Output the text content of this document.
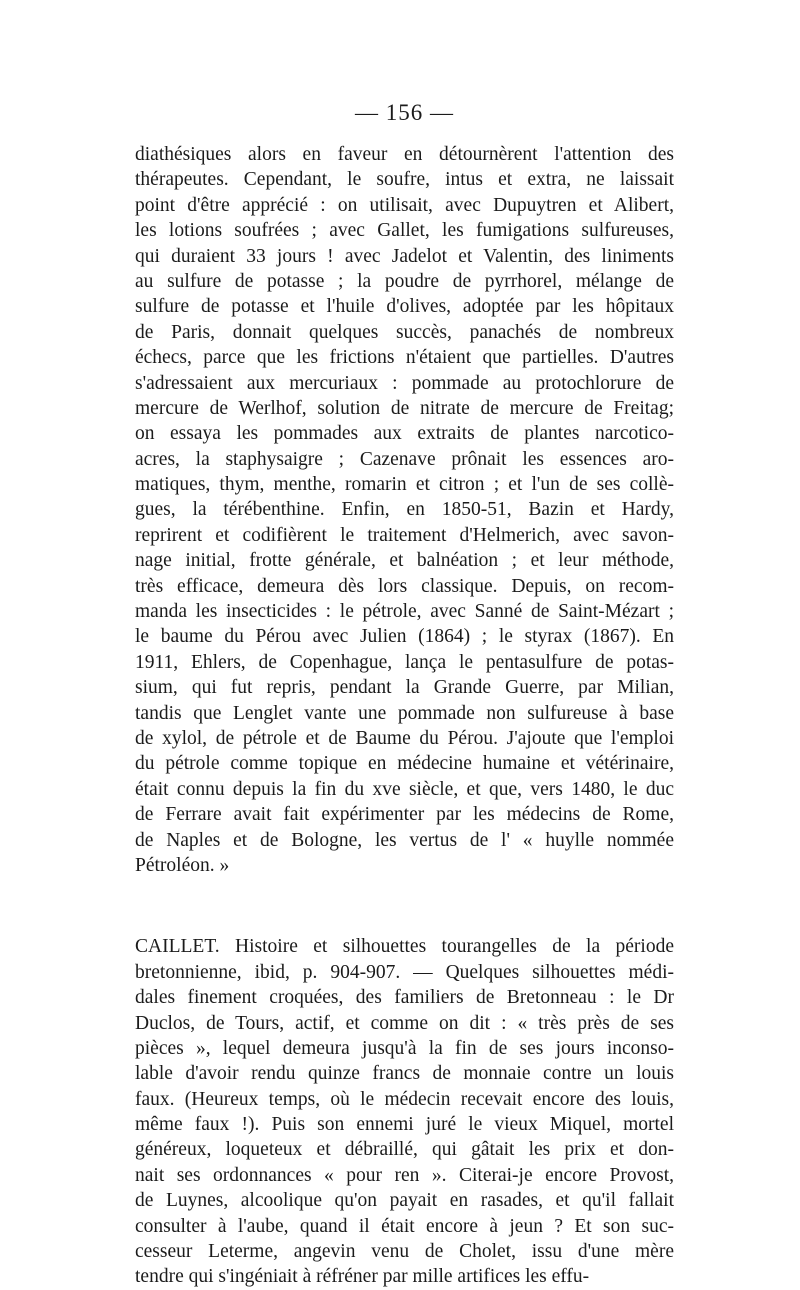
— 156 —
diathésiques alors en faveur en détournèrent l'attention des
thérapeutes. Cependant, le soufre, intus et extra, ne laissait
point d'être apprécié : on utilisait, avec Dupuytren et Alibert,
les lotions soufrées ; avec Gallet, les fumigations sulfureuses,
qui duraient 33 jours ! avec Jadelot et Valentin, des liniments
au sulfure de potasse ; la poudre de pyrrhorel, mélange de
sulfure de potasse et l'huile d'olives, adoptée par les hôpitaux
de Paris, donnait quelques succès, panachés de nombreux
échecs, parce que les frictions n'étaient que partielles. D'autres
s'adressaient aux mercuriaux : pommade au protochlorure de
mercure de Werlhof, solution de nitrate de mercure de Freitag;
on essaya les pommades aux extraits de plantes narcotico-
acres, la staphysaigre ; Cazenave prônait les essences aro-
matiques, thym, menthe, romarin et citron ; et l'un de ses collè-
gues, la térébenthine. Enfin, en 1850-51, Bazin et Hardy,
reprirent et codifièrent le traitement d'Helmerich, avec savon-
nage initial, frotte générale, et balnéation ; et leur méthode,
très efficace, demeura dès lors classique. Depuis, on recom-
manda les insecticides : le pétrole, avec Sanné de Saint-Mézart ;
le baume du Pérou avec Julien (1864) ; le styrax (1867). En
1911, Ehlers, de Copenhague, lança le pentasulfure de potas-
sium, qui fut repris, pendant la Grande Guerre, par Milian,
tandis que Lenglet vante une pommade non sulfureuse à base
de xylol, de pétrole et de Baume du Pérou. J'ajoute que l'emploi
du pétrole comme topique en médecine humaine et vétérinaire,
était connu depuis la fin du xve siècle, et que, vers 1480, le duc
de Ferrare avait fait expérimenter par les médecins de Rome,
de Naples et de Bologne, les vertus de l' « huylle nommée
Pétroléon. »
CAILLET. Histoire et silhouettes tourangelles de la période
bretonnienne, ibid, p. 904-907. — Quelques silhouettes médi-
dales finement croquées, des familiers de Bretonneau : le Dr
Duclos, de Tours, actif, et comme on dit : « très près de ses
pièces », lequel demeura jusqu'à la fin de ses jours inconso-
lable d'avoir rendu quinze francs de monnaie contre un louis
faux. (Heureux temps, où le médecin recevait encore des louis,
même faux !). Puis son ennemi juré le vieux Miquel, mortel
généreux, loqueteux et débraillé, qui gâtait les prix et don-
nait ses ordonnances « pour ren ». Citerai-je encore Provost,
de Luynes, alcoolique qu'on payait en rasades, et qu'il fallait
consulter à l'aube, quand il était encore à jeun ? Et son suc-
cesseur Leterme, angevin venu de Cholet, issu d'une mère
tendre qui s'ingéniait à réfréner par mille artifices les effu-
